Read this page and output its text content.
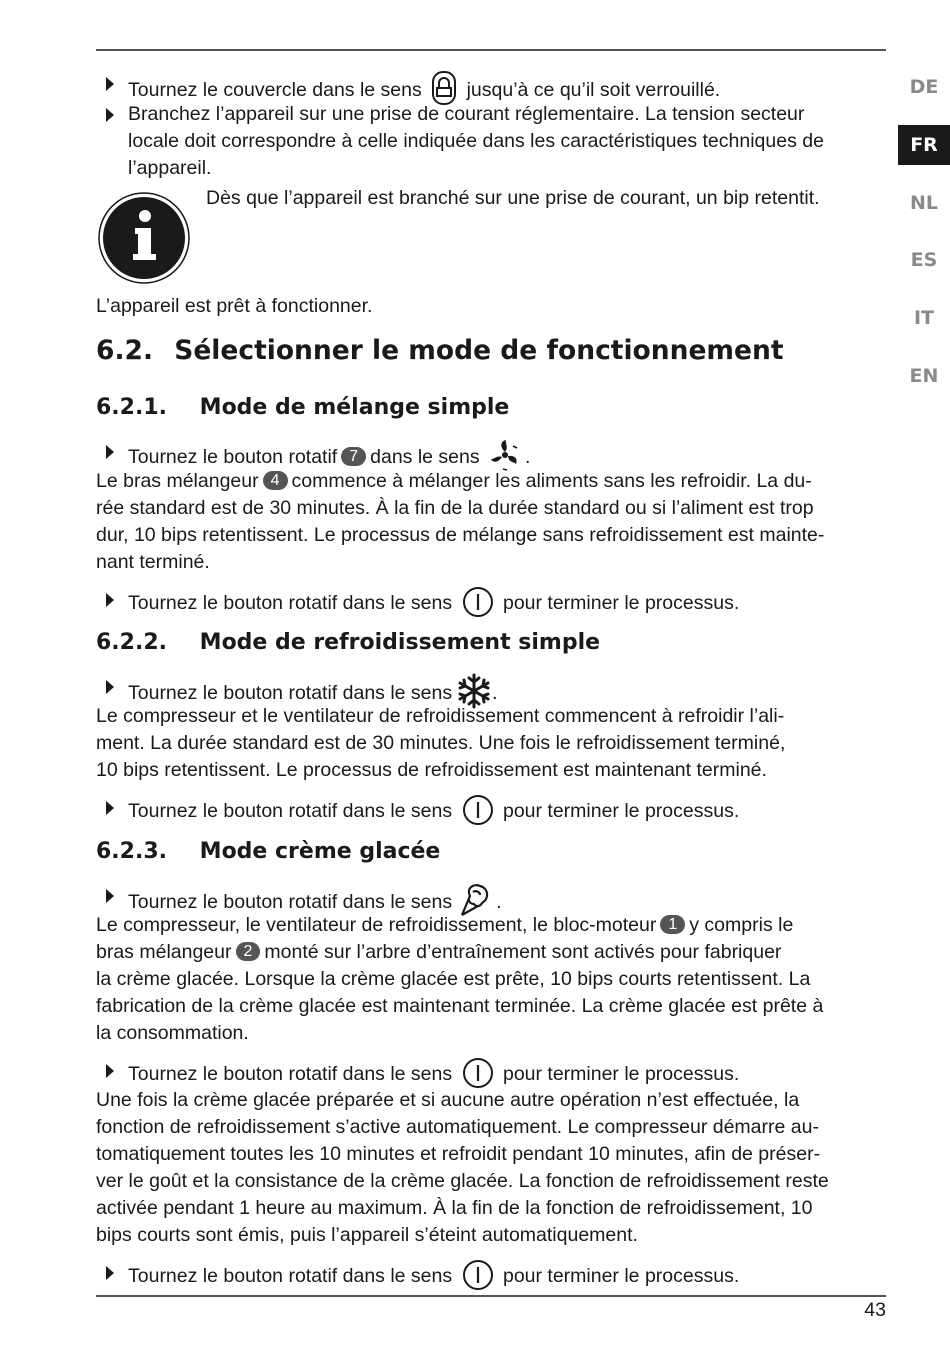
DE
FR
NL
ES
IT
EN
Tournez le couvercle dans le sens jusqu’à ce qu’il soit verrouillé.
Branchez l’appareil sur une prise de courant réglementaire. La tension secteur
locale doit correspondre à celle indiquée dans les caractéristiques techniques de
l’appareil.
Dès que l’appareil est branché sur une prise de courant, un bip retentit.
L’appareil est prêt à fonctionner.
6.2. Sélectionner le mode de fonctionnement
6.2.1. Mode de mélange simple
Tournez le bouton rotatif 7 dans le sens .
Le bras mélangeur 4 commence à mélanger les aliments sans les refroidir. La du-
rée standard est de 30 minutes. À la fin de la durée standard ou si l’aliment est trop
dur, 10 bips retentissent. Le processus de mélange sans refroidissement est mainte-
nant terminé.
Tournez le bouton rotatif dans le sens	pour terminer le processus.
6.2.2. Mode de refroidissement simple
Tournez le bouton rotatif dans le sens .
Le compresseur et le ventilateur de refroidissement commencent à refroidir l’ali-
ment. La durée standard est de 30 minutes. Une fois le refroidissement terminé,
10 bips retentissent. Le processus de refroidissement est maintenant terminé.
Tournez le bouton rotatif dans le sens	pour terminer le processus.
6.2.3. Mode crème glacée
Tournez le bouton rotatif dans le sens .
Le compresseur, le ventilateur de refroidissement, le bloc-moteur 1 y compris le
bras mélangeur 2 monté sur l’arbre d’entraînement sont activés pour fabriquer
la crème glacée. Lorsque la crème glacée est prête, 10 bips courts retentissent. La
fabrication de la crème glacée est maintenant terminée. La crème glacée est prête à
la consommation.
Tournez le bouton rotatif dans le sens	pour terminer le processus.
Une fois la crème glacée préparée et si aucune autre opération n’est effectuée, la
fonction de refroidissement s’active automatiquement. Le compresseur démarre au-
tomatiquement toutes les 10 minutes et refroidit pendant 10 minutes, afin de préser-
ver le goût et la consistance de la crème glacée. La fonction de refroidissement reste
activée pendant 1 heure au maximum. À la fin de la fonction de refroidissement, 10
bips courts sont émis, puis l’appareil s’éteint automatiquement.
Tournez le bouton rotatif dans le sens	pour terminer le processus.
43
